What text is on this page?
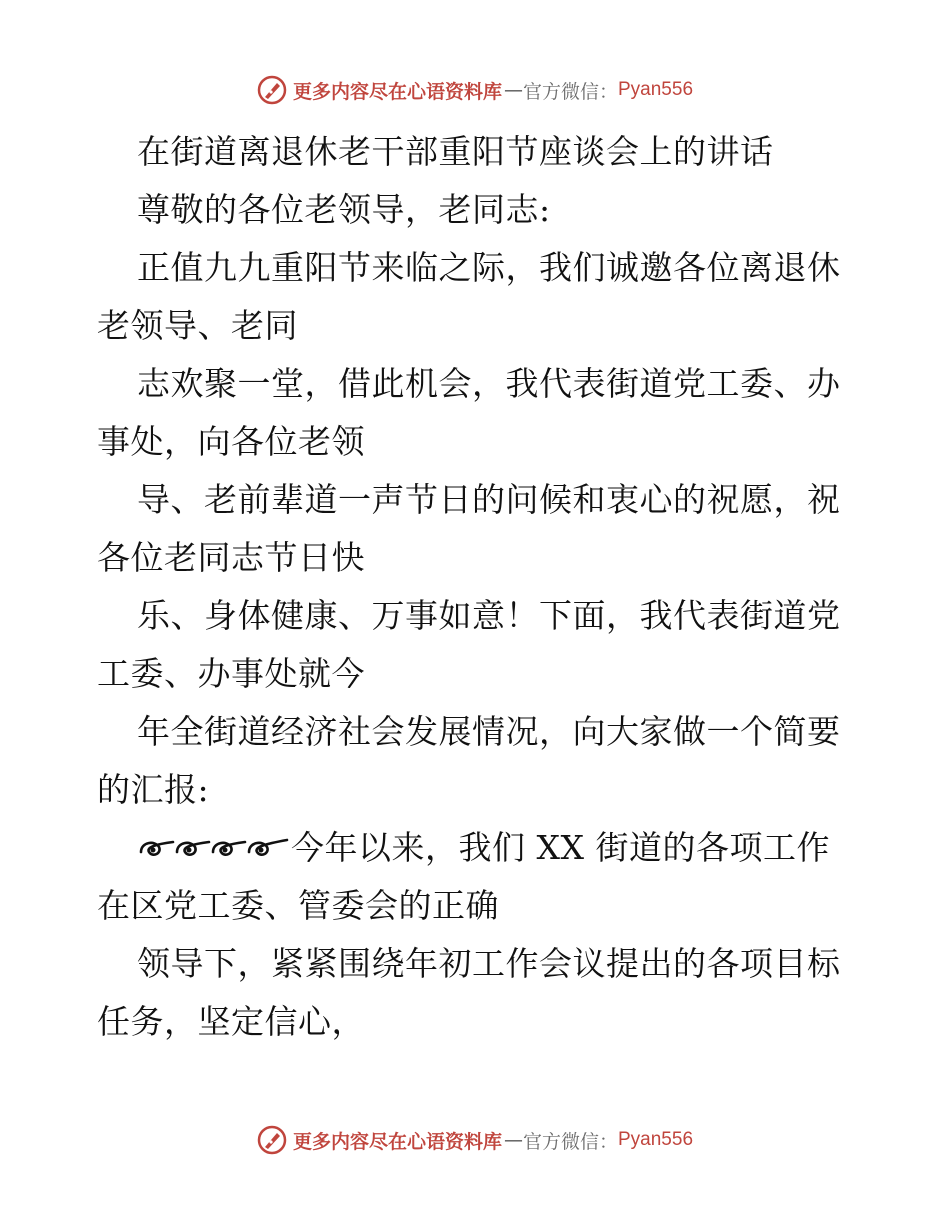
更多内容尽在心语资料库 — 官方微信： Pyan556
在街道离退休老干部重阳节座谈会上的讲话
尊敬的各位老领导，老同志:
正值九九重阳节来临之际，我们诚邀各位离退休
老领导、老同
志欢聚一堂，借此机会，我代表街道党工委、办
事处，向各位老领
导、老前辈道一声节日的问候和衷心的祝愿，祝
各位老同志节日快
乐、身体健康、万事如意！下面，我代表街道党
工委、办事处就今
年全街道经济社会发展情况，向大家做一个简要
的汇报:
今年以来，我们 XX 街道的各项工作
在区党工委、管委会的正确
领导下，紧紧围绕年初工作会议提出的各项目标
任务，坚定信心，
更多内容尽在心语资料库 — 官方微信： Pyan556
